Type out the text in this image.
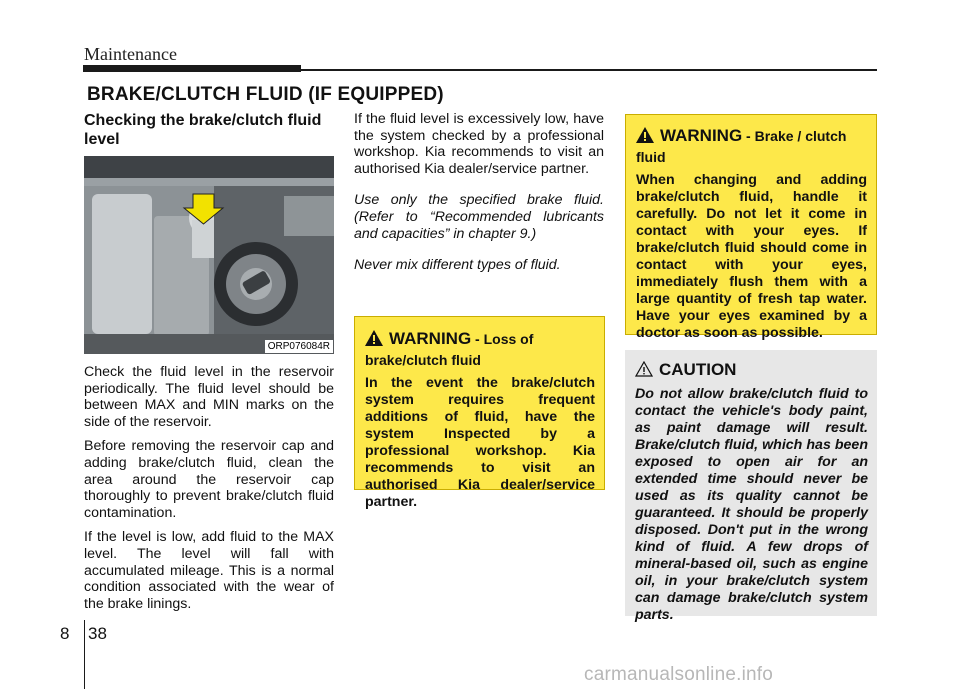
Maintenance
BRAKE/CLUTCH FLUID (IF EQUIPPED)
Checking the brake/clutch fluid level
ORP076084R

Check the fluid level in the reservoir periodically. The fluid level should be between MAX and MIN marks on the side of the reservoir.

Before removing the reservoir cap and adding brake/clutch fluid, clean the area around the reservoir cap thoroughly to prevent brake/clutch fluid contamination.

If the level is low, add fluid to the MAX level. The level will fall with accumulated mileage. This is a normal condition associated with the wear of the brake linings.

If the fluid level is excessively low, have the system checked by a professional workshop. Kia recommends to visit an authorised Kia dealer/service partner.

Use only the specified brake fluid. (Refer to “Recommended lubricants and capacities” in chapter 9.)

Never mix different types of fluid.

WARNING - Loss of brake/clutch fluid
In the event the brake/clutch system requires frequent additions of fluid, have the system Inspected by a professional workshop. Kia recommends to visit an authorised Kia dealer/service partner.
WARNING - Brake / clutch fluid
When changing and adding brake/clutch fluid, handle it carefully. Do not let it come in contact with your eyes. If brake/clutch fluid should come in contact with your eyes, immediately flush them with a large quantity of fresh tap water. Have your eyes examined by a doctor as soon as possible.
CAUTION
Do not allow brake/clutch fluid to contact the vehicle's body paint, as paint damage will result. Brake/clutch fluid, which has been exposed to open air for an extended time should never be used as its quality cannot be guaranteed. It should be properly disposed. Don't put in the wrong kind of fluid. A few drops of mineral-based oil, such as engine oil, in your brake/clutch system can damage brake/clutch system parts.
8 38
carmanualsonline.info
